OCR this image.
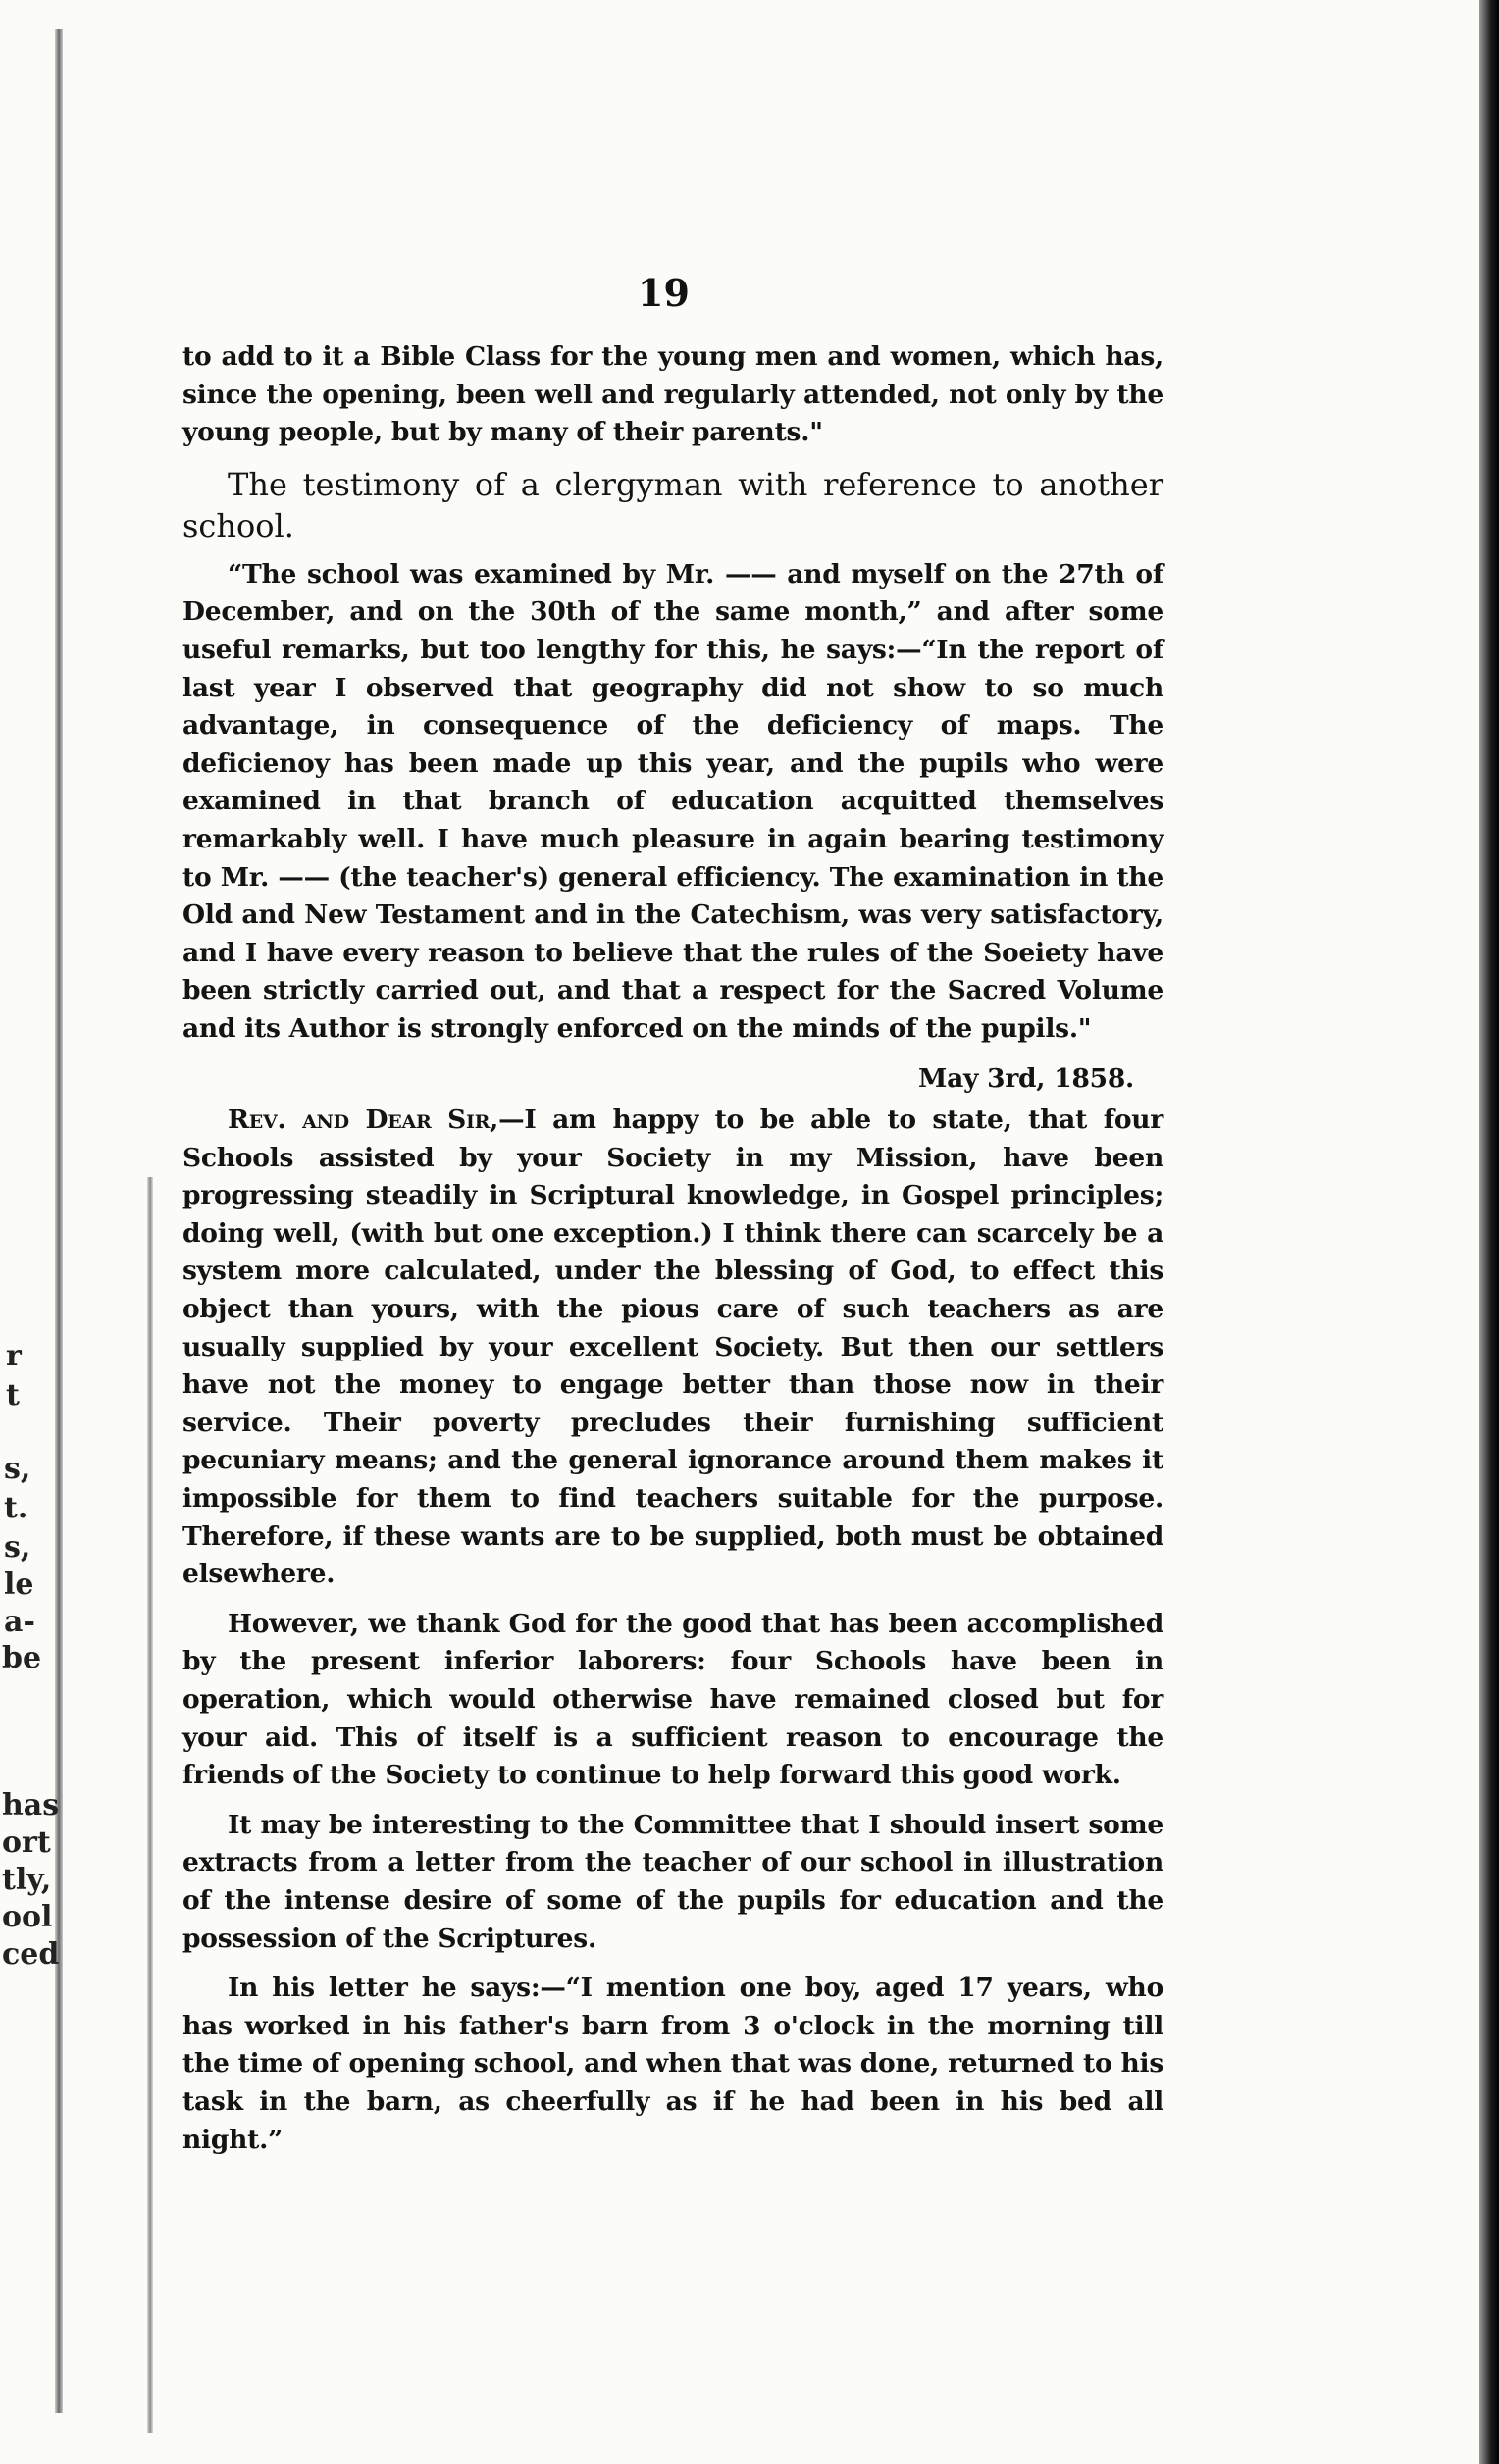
r
t
s,
t.
s,
le
a-
be
has
ort
tly,
ool
ced
19

to add to it a Bible Class for the young men and women, which has, since the opening, been well and regularly attended, not only by the young people, but by many of their parents."

The testimony of a clergyman with reference to another school.

“The school was examined by Mr. —— and myself on the 27th of December, and on the 30th of the same month,” and after some useful remarks, but too lengthy for this, he says:—“In the report of last year I observed that geography did not show to so much advantage, in consequence of the deficiency of maps. The deficienoy has been made up this year, and the pupils who were examined in that branch of education acquitted themselves remarkably well. I have much pleasure in again bearing testimony to Mr. —— (the teacher's) general efficiency. The examination in the Old and New Testament and in the Catechism, was very satisfactory, and I have every reason to believe that the rules of the Soeiety have been strictly carried out, and that a respect for the Sacred Volume and its Author is strongly enforced on the minds of the pupils."

May 3rd, 1858.

Rev. and Dear Sir,—I am happy to be able to state, that four Schools assisted by your Society in my Mission, have been progressing steadily in Scriptural knowledge, in Gospel principles; doing well, (with but one exception.) I think there can scarcely be a system more calculated, under the blessing of God, to effect this object than yours, with the pious care of such teachers as are usually supplied by your excellent Society. But then our settlers have not the money to engage better than those now in their service. Their poverty precludes their furnishing sufficient pecuniary means; and the general ignorance around them makes it impossible for them to find teachers suitable for the purpose. Therefore, if these wants are to be supplied, both must be obtained elsewhere.

However, we thank God for the good that has been accomplished by the present inferior laborers: four Schools have been in operation, which would otherwise have remained closed but for your aid. This of itself is a sufficient reason to encourage the friends of the Society to continue to help forward this good work.

It may be interesting to the Committee that I should insert some extracts from a letter from the teacher of our school in illustration of the intense desire of some of the pupils for education and the possession of the Scriptures.

In his letter he says:—“I mention one boy, aged 17 years, who has worked in his father's barn from 3 o'clock in the morning till the time of opening school, and when that was done, returned to his task in the barn, as cheerfully as if he had been in his bed all night.”
